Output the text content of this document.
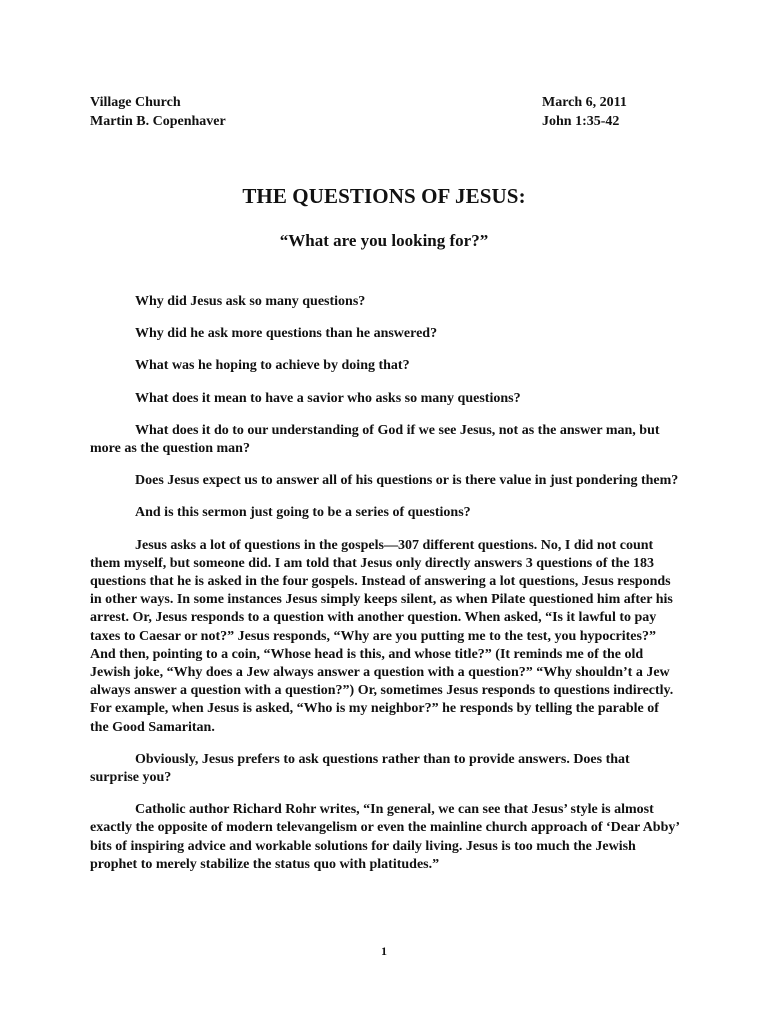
Village Church
Martin B. Copenhaver
March 6, 2011
John 1:35-42
THE QUESTIONS OF JESUS:
“What are you looking for?”

Why did Jesus ask so many questions?

Why did he ask more questions than he answered?

What was he hoping to achieve by doing that?

What does it mean to have a savior who asks so many questions?

What does it do to our understanding of God if we see Jesus, not as the answer man, but more as the question man?

Does Jesus expect us to answer all of his questions or is there value in just pondering them?

And is this sermon just going to be a series of questions?

Jesus asks a lot of questions in the gospels—307 different questions. No, I did not count them myself, but someone did. I am told that Jesus only directly answers 3 questions of the 183 questions that he is asked in the four gospels. Instead of answering a lot questions, Jesus responds in other ways. In some instances Jesus simply keeps silent, as when Pilate questioned him after his arrest. Or, Jesus responds to a question with another question. When asked, “Is it lawful to pay taxes to Caesar or not?” Jesus responds, “Why are you putting me to the test, you hypocrites?” And then, pointing to a coin, “Whose head is this, and whose title?” (It reminds me of the old Jewish joke, “Why does a Jew always answer a question with a question?” “Why shouldn’t a Jew always answer a question with a question?”) Or, sometimes Jesus responds to questions indirectly. For example, when Jesus is asked, “Who is my neighbor?” he responds by telling the parable of the Good Samaritan.

Obviously, Jesus prefers to ask questions rather than to provide answers. Does that surprise you?

Catholic author Richard Rohr writes, “In general, we can see that Jesus’ style is almost exactly the opposite of modern televangelism or even the mainline church approach of ‘Dear Abby’ bits of inspiring advice and workable solutions for daily living. Jesus is too much the Jewish prophet to merely stabilize the status quo with platitudes.”

1
